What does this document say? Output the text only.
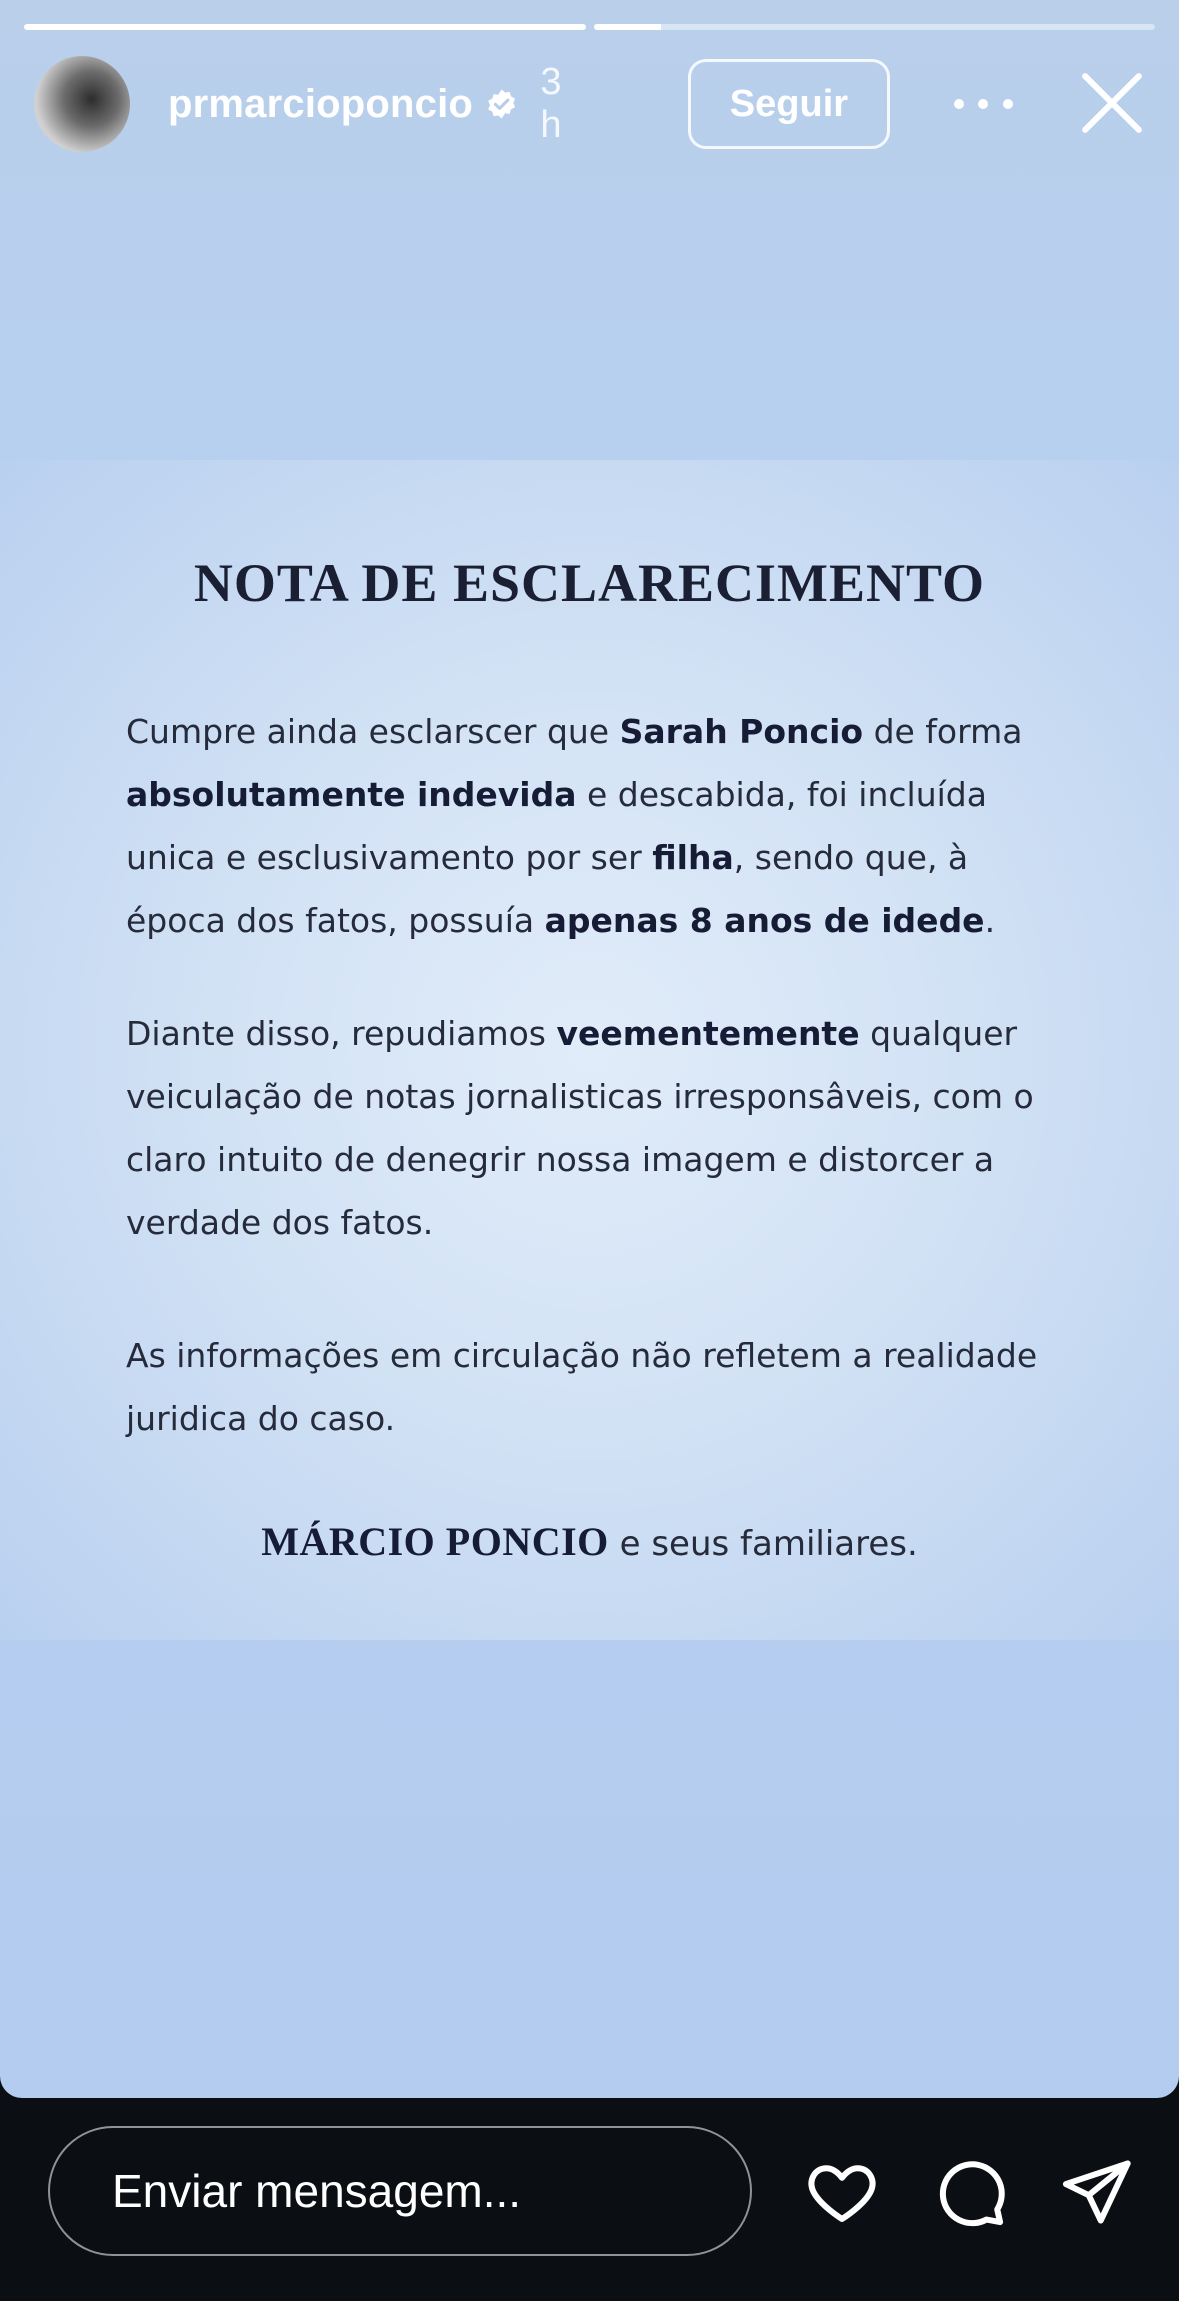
prmarcioponcio 3 h
Seguir
NOTA DE ESCLARECIMENTO
Cumpre ainda esclarscer que Sarah Poncio de forma absolutamente indevida e descabida, foi incluída unica e esclusivamento por ser filha, sendo que, à época dos fatos, possuía apenas 8 anos de idede.
Diante disso, repudiamos veementemente qualquer veiculação de notas jornalisticas irresponsâveis, com o claro intuito de denegrir nossa imagem e distorcer a verdade dos fatos.
As informações em circulação não refletem a realidade juridica do caso.
MÁRCIO PONCIO e seus familiares.
Enviar mensagem...
